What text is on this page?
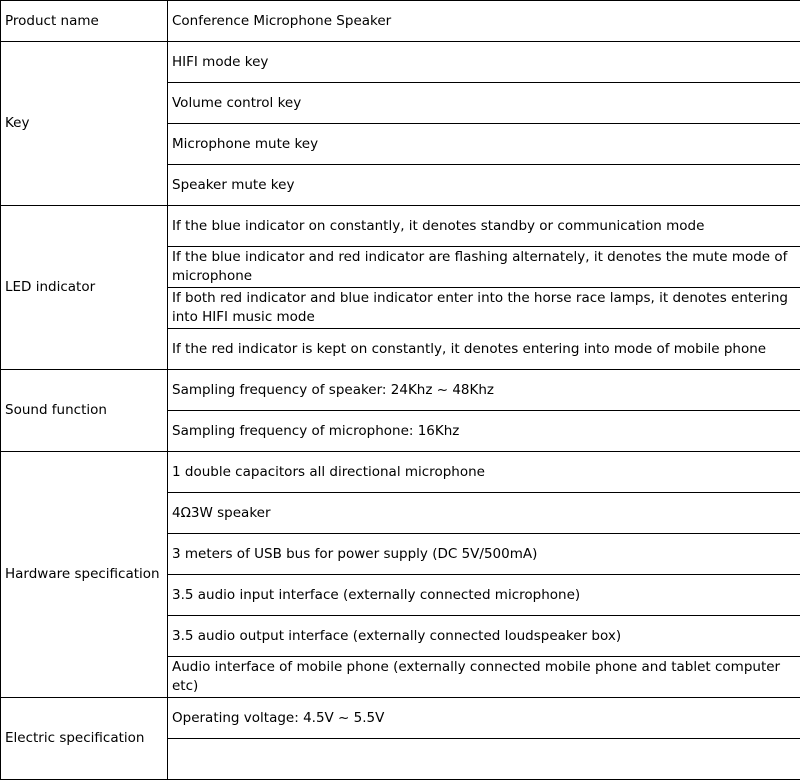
Product name	Conference Microphone Speaker
Key	HIFI mode key
	Volume control key
	Microphone mute key
	Speaker mute key
LED indicator	If the blue indicator on constantly, it denotes standby or communication mode
	If the blue indicator and red indicator are flashing alternately, it denotes the mute mode of microphone
	If both red indicator and blue indicator enter into the horse race lamps, it denotes entering into HIFI music mode
	If the red indicator is kept on constantly, it denotes entering into mode of mobile phone
Sound function	Sampling frequency of speaker: 24Khz ~ 48Khz
	Sampling frequency of microphone: 16Khz
Hardware specification	1 double capacitors all directional microphone
	4Ω3W speaker
	3 meters of USB bus for power supply (DC 5V/500mA)
	3.5 audio input interface (externally connected microphone)
	3.5 audio output interface (externally connected loudspeaker box)
	Audio interface of mobile phone (externally connected mobile phone and tablet computer etc)
Electric specification	Operating voltage: 4.5V ~ 5.5V
